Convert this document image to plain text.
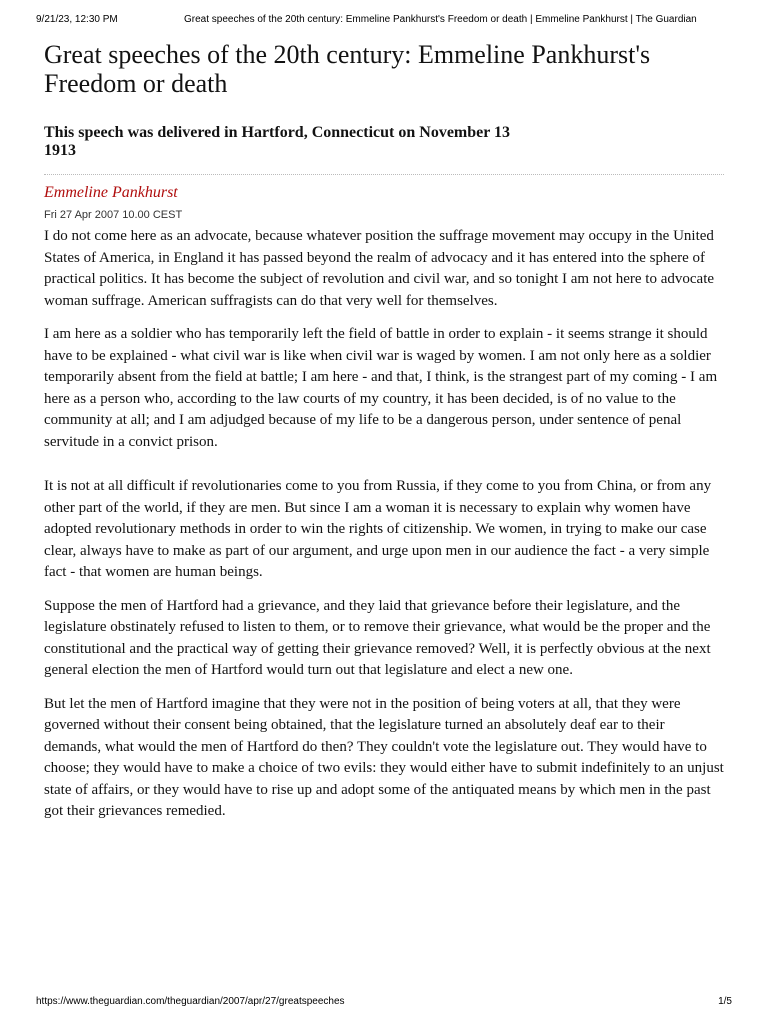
9/21/23, 12:30 PM	Great speeches of the 20th century: Emmeline Pankhurst's Freedom or death | Emmeline Pankhurst | The Guardian
Great speeches of the 20th century: Emmeline Pankhurst's Freedom or death

This speech was delivered in Hartford, Connecticut on November 13 1913

Emmeline Pankhurst
Fri 27 Apr 2007 10.00 CEST

I do not come here as an advocate, because whatever position the suffrage movement may occupy in the United States of America, in England it has passed beyond the realm of advocacy and it has entered into the sphere of practical politics. It has become the subject of revolution and civil war, and so tonight I am not here to advocate woman suffrage. American suffragists can do that very well for themselves.

I am here as a soldier who has temporarily left the field of battle in order to explain - it seems strange it should have to be explained - what civil war is like when civil war is waged by women. I am not only here as a soldier temporarily absent from the field at battle; I am here - and that, I think, is the strangest part of my coming - I am here as a person who, according to the law courts of my country, it has been decided, is of no value to the community at all; and I am adjudged because of my life to be a dangerous person, under sentence of penal servitude in a convict prison.

It is not at all difficult if revolutionaries come to you from Russia, if they come to you from China, or from any other part of the world, if they are men. But since I am a woman it is necessary to explain why women have adopted revolutionary methods in order to win the rights of citizenship. We women, in trying to make our case clear, always have to make as part of our argument, and urge upon men in our audience the fact - a very simple fact - that women are human beings.

Suppose the men of Hartford had a grievance, and they laid that grievance before their legislature, and the legislature obstinately refused to listen to them, or to remove their grievance, what would be the proper and the constitutional and the practical way of getting their grievance removed? Well, it is perfectly obvious at the next general election the men of Hartford would turn out that legislature and elect a new one.

But let the men of Hartford imagine that they were not in the position of being voters at all, that they were governed without their consent being obtained, that the legislature turned an absolutely deaf ear to their demands, what would the men of Hartford do then? They couldn't vote the legislature out. They would have to choose; they would have to make a choice of two evils: they would either have to submit indefinitely to an unjust state of affairs, or they would have to rise up and adopt some of the antiquated means by which men in the past got their grievances remedied.

https://www.theguardian.com/theguardian/2007/apr/27/greatspeeches	1/5
